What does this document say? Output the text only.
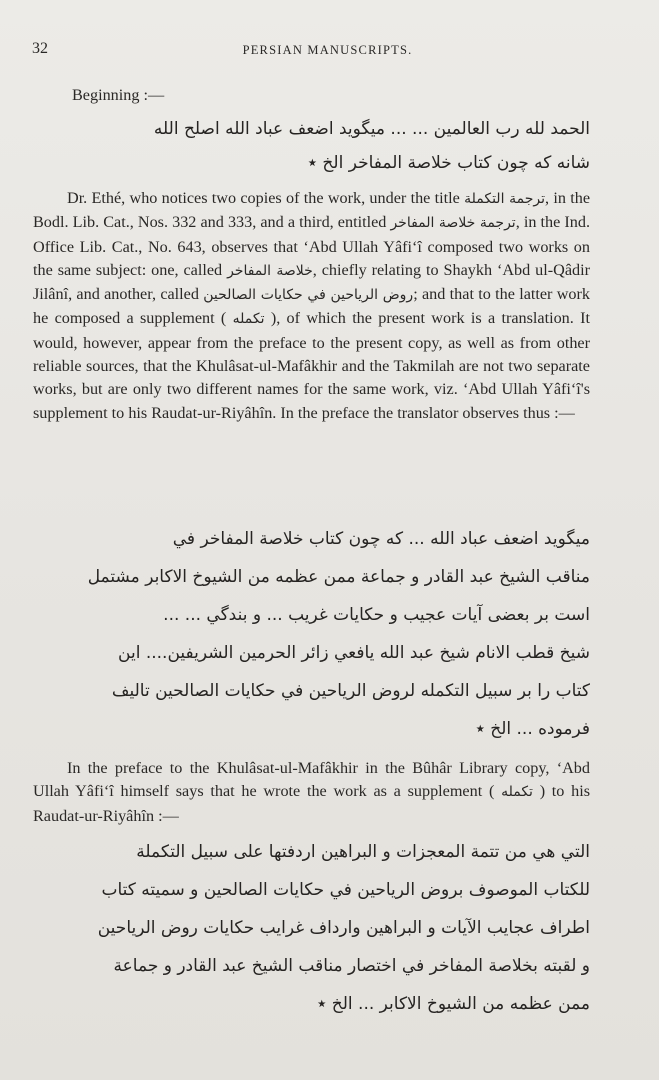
32	PERSIAN MANUSCRIPTS.
Beginning :—
الحمد لله رب العالمين ... ... ميگويد اضعف عباد الله اصلح الله
شانه كه چون كتاب خلاصة المفاخر الخ ٭
Dr. Ethé, who notices two copies of the work, under the title ترجمة التكملة, in the Bodl. Lib. Cat., Nos. 332 and 333, and a third, entitled ترجمة خلاصة المفاخر, in the Ind. Office Lib. Cat., No. 643, observes that ‘Abd Ullah Yâfi‘î composed two works on the same subject: one, called خلاصة المفاخر, chiefly relating to Shaykh ‘Abd ul-Qâdir Jilânî, and another, called روض الرياحين في حكايات الصالحين; and that to the latter work he composed a supplement ( تكمله ), of which the present work is a translation. It would, however, appear from the preface to the present copy, as well as from other reliable sources, that the Khulâsat-ul-Mafâkhir and the Takmilah are not two separate works, but are only two different names for the same work, viz. ‘Abd Ullah Yâfi‘î's supplement to his Raudat-ur-Riyâhîn. In the preface the translator observes thus :—
ميگويد اضعف عباد الله ... كه چون كتاب خلاصة المفاخر في
مناقب الشيخ عبد القادر و جماعة ممن عظمه من الشيوخ الاكابر مشتمل
است بر بعضى آيات عجيب و حكايات غريب ... و بندگي ... ...
شيخ قطب الانام شيخ عبد الله يافعي زائر الحرمين الشريفين.... اين
كتاب را بر سبيل التكمله لروض الرياحين في حكايات الصالحين تاليف
فرموده ... الخ ٭
In the preface to the Khulâsat-ul-Mafâkhir in the Bûhâr Library copy, ‘Abd Ullah Yâfi‘î himself says that he wrote the work as a supplement ( تكمله ) to his Raudat-ur-Riyâhîn :—
التي هي من تتمة المعجزات و البراهين اردفتها على سبيل التكملة
للكتاب الموصوف بروض الرياحين في حكايات الصالحين و سميته كتاب
اطراف عجايب الآيات و البراهين وارداف غرايب حكايات روض الرياحين
و لقبته بخلاصة المفاخر في اختصار مناقب الشيخ عبد القادر و جماعة
ممن عظمه من الشيوخ الاكابر ... الخ ٭
